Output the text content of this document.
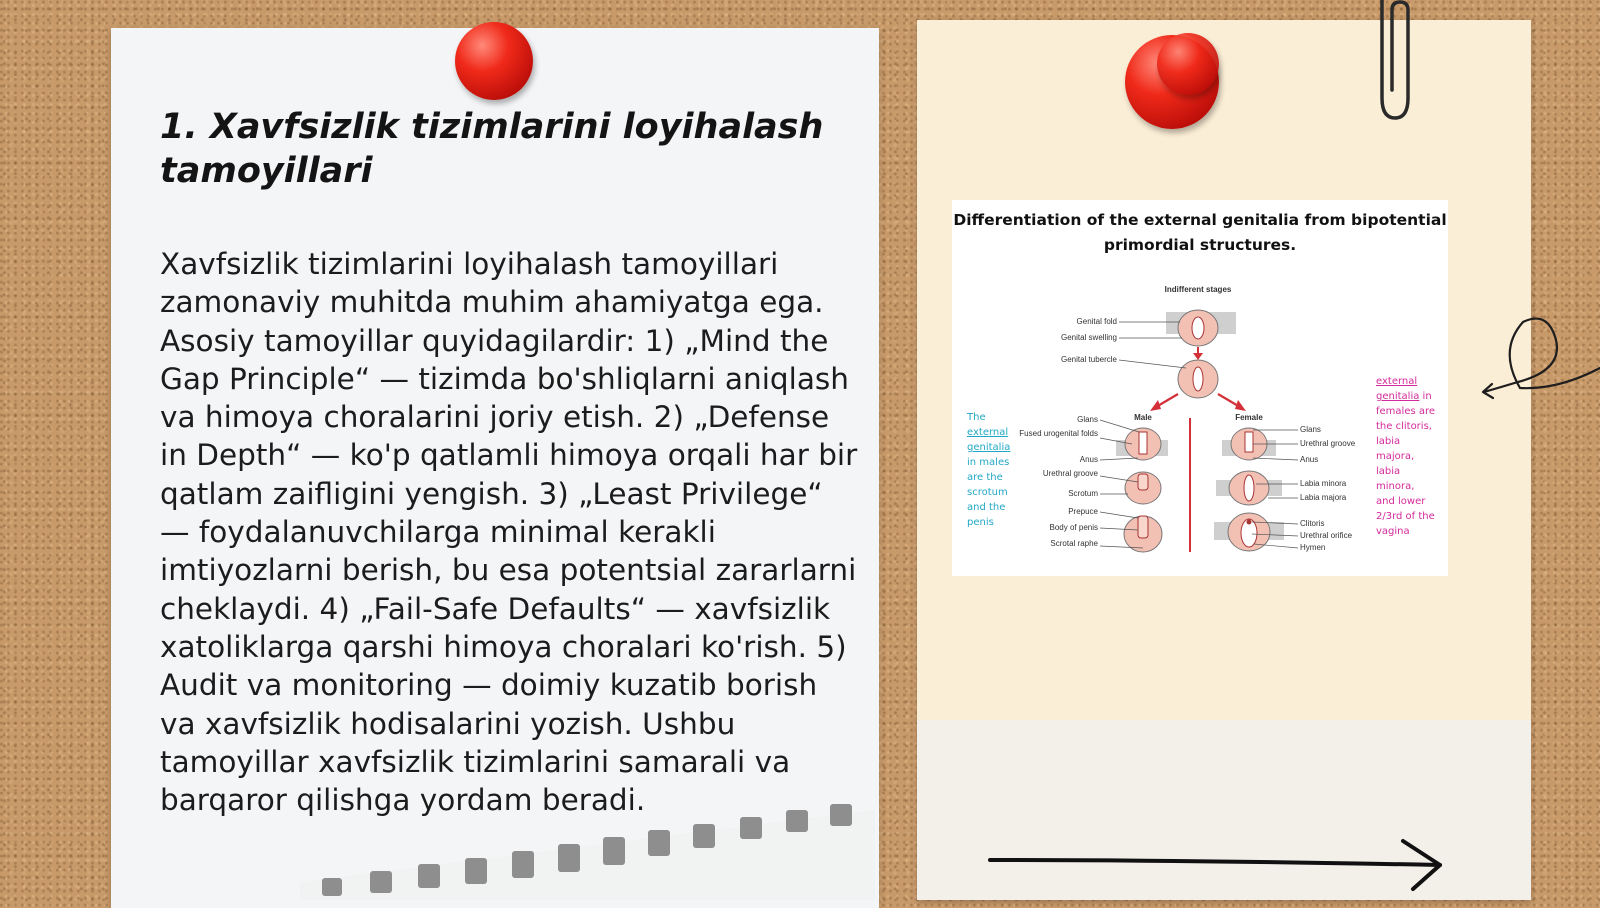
1. Xavfsizlik tizimlarini loyihalash tamoyillari

Xavfsizlik tizimlarini loyihalash tamoyillari zamonaviy muhitda muhim ahamiyatga ega. Asosiy tamoyillar quyidagilardir: 1) „Mind the Gap Principle“ — tizimda bo'shliqlarni aniqlash va himoya choralarini joriy etish. 2) „Defense in Depth“ — ko'p qatlamli himoya orqali har bir qatlam zaifligini yengish. 3) „Least Privilege“ — foydalanuvchilarga minimal kerakli imtiyozlarni berish, bu esa potentsial zararlarni cheklaydi. 4) „Fail-Safe Defaults“ — xavfsizlik xatoliklarga qarshi himoya choralari ko'rish. 5) Audit va monitoring — doimiy kuzatib borish va xavfsizlik hodisalarini yozish. Ushbu tamoyillar xavfsizlik tizimlarini samarali va barqaror qilishga yordam beradi.

Differentiation of the external genitalia from bipotential primordial structures.
Indifferent stages
Genital fold
Genital swelling
Genital tubercle
Male	Female
Glans
Fused urogenital folds
Anus
Urethral groove
Scrotum
Prepuce
Body of penis
Scrotal raphe
Glans
Urethral groove
Anus
Labia minora
Labia majora
Clitoris
Urethral orifice
Hymen
The external genitalia in males are the scrotum and the penis
external genitalia in females are the clitoris, labia majora, labia minora, and lower 2/3rd of the vagina
